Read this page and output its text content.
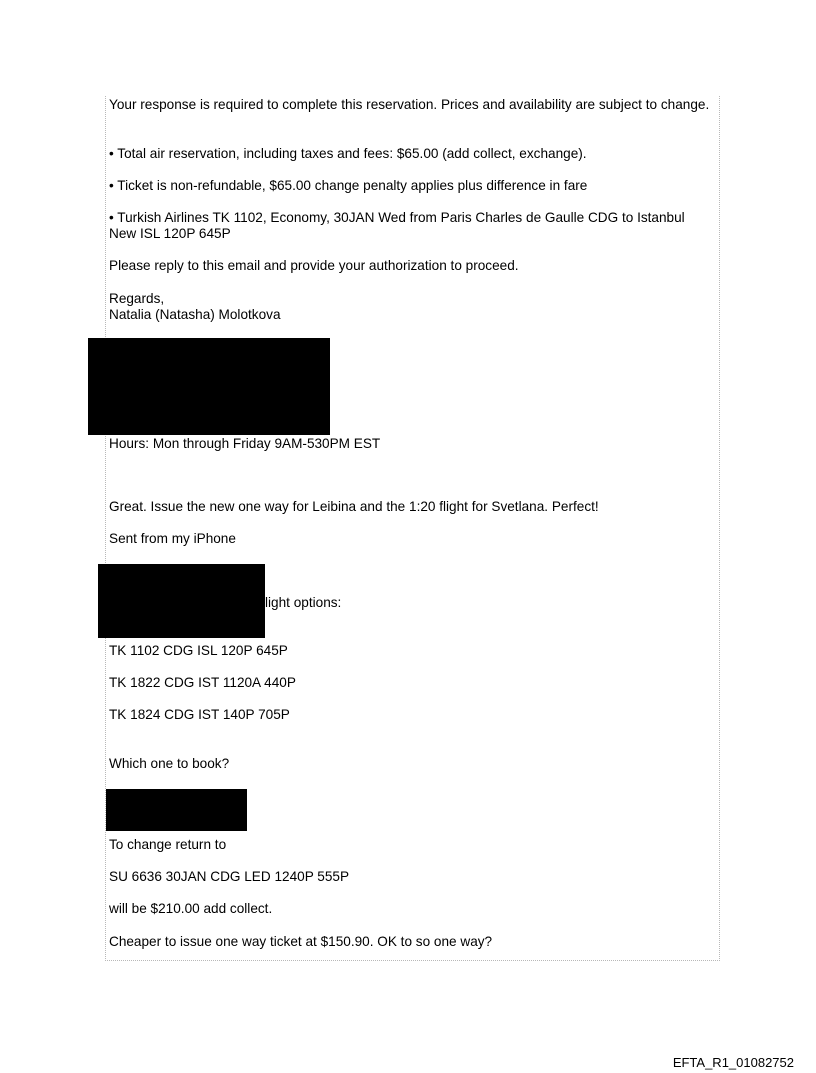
Your response is required to complete this reservation. Prices and availability are subject to change.

• Total air reservation, including taxes and fees: $65.00 (add collect, exchange).

• Ticket is non-refundable, $65.00 change penalty applies plus difference in fare

• Turkish Airlines TK 1102, Economy, 30JAN Wed from Paris Charles de Gaulle CDG to Istanbul New ISL 120P 645P

Please reply to this email and provide your authorization to proceed.

Regards,

Natalia (Natasha) Molotkova

Hours: Mon through Friday 9AM-530PM EST

Great. Issue the new one way for Leibina and the 1:20 flight for Svetlana. Perfect!

Sent from my iPhone

light options:

TK 1102 CDG ISL 120P 645P

TK 1822 CDG IST 1120A 440P

TK 1824 CDG IST 140P 705P

Which one to book?

To change return to

SU 6636 30JAN CDG LED 1240P 555P

will be $210.00 add collect.

Cheaper to issue one way ticket at $150.90. OK to so one way?

EFTA_R1_01082752
